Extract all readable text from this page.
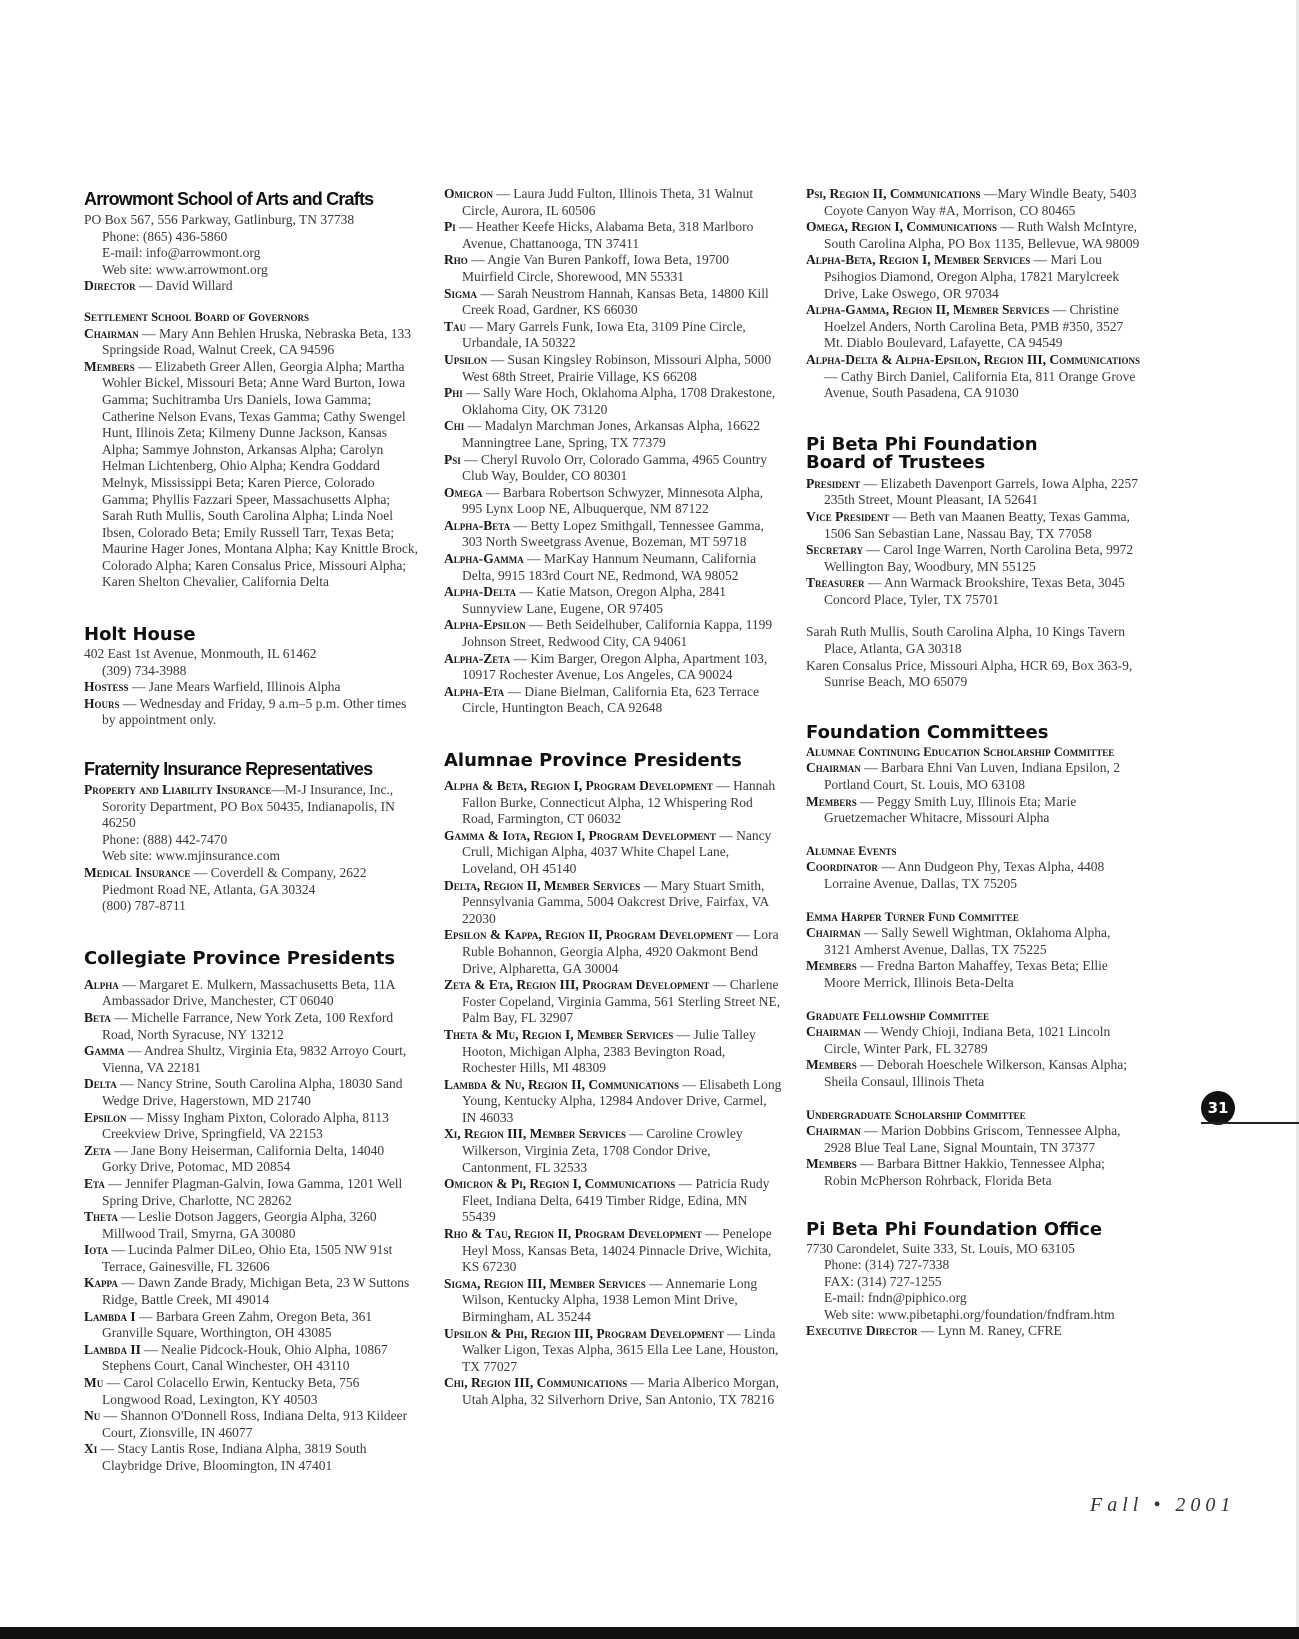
Arrowmont School of Arts and Crafts

PO Box 567, 556 Parkway, Gatlinburg, TN 37738

Phone: (865) 436-5860

E-mail: info@arrowmont.org

Web site: www.arrowmont.org

Director — David Willard

Settlement School Board of Governors

Chairman — Mary Ann Behlen Hruska, Nebraska Beta, 133 Springside Road, Walnut Creek, CA 94596

Members — Elizabeth Greer Allen, Georgia Alpha; Martha Wohler Bickel, Missouri Beta; Anne Ward Burton, Iowa Gamma; Suchitramba Urs Daniels, Iowa Gamma; Catherine Nelson Evans, Texas Gamma; Cathy Swengel Hunt, Illinois Zeta; Kilmeny Dunne Jackson, Kansas Alpha; Sammye Johnston, Arkansas Alpha; Carolyn Helman Lichtenberg, Ohio Alpha; Kendra Goddard Melnyk, Mississippi Beta; Karen Pierce, Colorado Gamma; Phyllis Fazzari Speer, Massachusetts Alpha; Sarah Ruth Mullis, South Carolina Alpha; Linda Noel Ibsen, Colorado Beta; Emily Russell Tarr, Texas Beta; Maurine Hager Jones, Montana Alpha; Kay Knittle Brock, Colorado Alpha; Karen Consalus Price, Missouri Alpha; Karen Shelton Chevalier, California Delta

Holt House

402 East 1st Avenue, Monmouth, IL 61462

(309) 734-3988

Hostess — Jane Mears Warfield, Illinois Alpha

Hours — Wednesday and Friday, 9 a.m–5 p.m. Other times by appointment only.

Fraternity Insurance Representatives

Property and Liability Insurance—M-J Insurance, Inc., Sorority Department, PO Box 50435, Indianapolis, IN 46250

Phone: (888) 442-7470

Web site: www.mjinsurance.com

Medical Insurance — Coverdell & Company, 2622 Piedmont Road NE, Atlanta, GA 30324

(800) 787-8711

Collegiate Province Presidents

Alpha — Margaret E. Mulkern, Massachusetts Beta, 11A Ambassador Drive, Manchester, CT 06040

Beta — Michelle Farrance, New York Zeta, 100 Rexford Road, North Syracuse, NY 13212

Gamma — Andrea Shultz, Virginia Eta, 9832 Arroyo Court, Vienna, VA 22181

Delta — Nancy Strine, South Carolina Alpha, 18030 Sand Wedge Drive, Hagerstown, MD 21740

Epsilon — Missy Ingham Pixton, Colorado Alpha, 8113 Creekview Drive, Springfield, VA 22153

Zeta — Jane Bony Heiserman, California Delta, 14040 Gorky Drive, Potomac, MD 20854

Eta — Jennifer Plagman-Galvin, Iowa Gamma, 1201 Well Spring Drive, Charlotte, NC 28262

Theta — Leslie Dotson Jaggers, Georgia Alpha, 3260 Millwood Trail, Smyrna, GA 30080

Iota — Lucinda Palmer DiLeo, Ohio Eta, 1505 NW 91st Terrace, Gainesville, FL 32606

Kappa — Dawn Zande Brady, Michigan Beta, 23 W Suttons Ridge, Battle Creek, MI 49014

Lambda I — Barbara Green Zahm, Oregon Beta, 361 Granville Square, Worthington, OH 43085

Lambda II — Nealie Pidcock-Houk, Ohio Alpha, 10867 Stephens Court, Canal Winchester, OH 43110

Mu — Carol Colacello Erwin, Kentucky Beta, 756 Longwood Road, Lexington, KY 40503

Nu — Shannon O'Donnell Ross, Indiana Delta, 913 Kildeer Court, Zionsville, IN 46077

Xi — Stacy Lantis Rose, Indiana Alpha, 3819 South Claybridge Drive, Bloomington, IN 47401

Omicron — Laura Judd Fulton, Illinois Theta, 31 Walnut Circle, Aurora, IL 60506

Pi — Heather Keefe Hicks, Alabama Beta, 318 Marlboro Avenue, Chattanooga, TN 37411

Rho — Angie Van Buren Pankoff, Iowa Beta, 19700 Muirfield Circle, Shorewood, MN 55331

Sigma — Sarah Neustrom Hannah, Kansas Beta, 14800 Kill Creek Road, Gardner, KS 66030

Tau — Mary Garrels Funk, Iowa Eta, 3109 Pine Circle, Urbandale, IA 50322

Upsilon — Susan Kingsley Robinson, Missouri Alpha, 5000 West 68th Street, Prairie Village, KS 66208

Phi — Sally Ware Hoch, Oklahoma Alpha, 1708 Drakestone, Oklahoma City, OK 73120

Chi — Madalyn Marchman Jones, Arkansas Alpha, 16622 Manningtree Lane, Spring, TX 77379

Psi — Cheryl Ruvolo Orr, Colorado Gamma, 4965 Country Club Way, Boulder, CO 80301

Omega — Barbara Robertson Schwyzer, Minnesota Alpha, 995 Lynx Loop NE, Albuquerque, NM 87122

Alpha-Beta — Betty Lopez Smithgall, Tennessee Gamma, 303 North Sweetgrass Avenue, Bozeman, MT 59718

Alpha-Gamma — MarKay Hannum Neumann, California Delta, 9915 183rd Court NE, Redmond, WA 98052

Alpha-Delta — Katie Matson, Oregon Alpha, 2841 Sunnyview Lane, Eugene, OR 97405

Alpha-Epsilon — Beth Seidelhuber, California Kappa, 1199 Johnson Street, Redwood City, CA 94061

Alpha-Zeta — Kim Barger, Oregon Alpha, Apartment 103, 10917 Rochester Avenue, Los Angeles, CA 90024

Alpha-Eta — Diane Bielman, California Eta, 623 Terrace Circle, Huntington Beach, CA 92648

Alumnae Province Presidents

Alpha & Beta, Region I, Program Development — Hannah Fallon Burke, Connecticut Alpha, 12 Whispering Rod Road, Farmington, CT 06032

Gamma & Iota, Region I, Program Development — Nancy Crull, Michigan Alpha, 4037 White Chapel Lane, Loveland, OH 45140

Delta, Region II, Member Services — Mary Stuart Smith, Pennsylvania Gamma, 5004 Oakcrest Drive, Fairfax, VA 22030

Epsilon & Kappa, Region II, Program Development — Lora Ruble Bohannon, Georgia Alpha, 4920 Oakmont Bend Drive, Alpharetta, GA 30004

Zeta & Eta, Region III, Program Development — Charlene Foster Copeland, Virginia Gamma, 561 Sterling Street NE, Palm Bay, FL 32907

Theta & Mu, Region I, Member Services — Julie Talley Hooton, Michigan Alpha, 2383 Bevington Road, Rochester Hills, MI 48309

Lambda & Nu, Region II, Communications — Elisabeth Long Young, Kentucky Alpha, 12984 Andover Drive, Carmel, IN 46033

Xi, Region III, Member Services — Caroline Crowley Wilkerson, Virginia Zeta, 1708 Condor Drive, Cantonment, FL 32533

Omicron & Pi, Region I, Communications — Patricia Rudy Fleet, Indiana Delta, 6419 Timber Ridge, Edina, MN 55439

Rho & Tau, Region II, Program Development — Penelope Heyl Moss, Kansas Beta, 14024 Pinnacle Drive, Wichita, KS 67230

Sigma, Region III, Member Services — Annemarie Long Wilson, Kentucky Alpha, 1938 Lemon Mint Drive, Birmingham, AL 35244

Upsilon & Phi, Region III, Program Development — Linda Walker Ligon, Texas Alpha, 3615 Ella Lee Lane, Houston, TX 77027

Chi, Region III, Communications — Maria Alberico Morgan, Utah Alpha, 32 Silverhorn Drive, San Antonio, TX 78216

Psi, Region II, Communications —Mary Windle Beaty, 5403 Coyote Canyon Way #A, Morrison, CO 80465

Omega, Region I, Communications — Ruth Walsh McIntyre, South Carolina Alpha, PO Box 1135, Bellevue, WA 98009

Alpha-Beta, Region I, Member Services — Mari Lou Psihogios Diamond, Oregon Alpha, 17821 Marylcreek Drive, Lake Oswego, OR 97034

Alpha-Gamma, Region II, Member Services — Christine Hoelzel Anders, North Carolina Beta, PMB #350, 3527 Mt. Diablo Boulevard, Lafayette, CA 94549

Alpha-Delta & Alpha-Epsilon, Region III, Communications — Cathy Birch Daniel, California Eta, 811 Orange Grove Avenue, South Pasadena, CA 91030

Pi Beta Phi Foundation
Board of Trustees

President — Elizabeth Davenport Garrels, Iowa Alpha, 2257 235th Street, Mount Pleasant, IA 52641

Vice President — Beth van Maanen Beatty, Texas Gamma, 1506 San Sebastian Lane, Nassau Bay, TX 77058

Secretary — Carol Inge Warren, North Carolina Beta, 9972 Wellington Bay, Woodbury, MN 55125

Treasurer — Ann Warmack Brookshire, Texas Beta, 3045 Concord Place, Tyler, TX 75701

Sarah Ruth Mullis, South Carolina Alpha, 10 Kings Tavern Place, Atlanta, GA 30318

Karen Consalus Price, Missouri Alpha, HCR 69, Box 363-9, Sunrise Beach, MO 65079

Foundation Committees
Alumnae Continuing Education Scholarship Committee

Chairman — Barbara Ehni Van Luven, Indiana Epsilon, 2 Portland Court, St. Louis, MO 63108

Members — Peggy Smith Luy, Illinois Eta; Marie Gruetzemacher Whitacre, Missouri Alpha

Alumnae Events

Coordinator — Ann Dudgeon Phy, Texas Alpha, 4408 Lorraine Avenue, Dallas, TX 75205

Emma Harper Turner Fund Committee

Chairman — Sally Sewell Wightman, Oklahoma Alpha, 3121 Amherst Avenue, Dallas, TX 75225

Members — Fredna Barton Mahaffey, Texas Beta; Ellie Moore Merrick, Illinois Beta-Delta

Graduate Fellowship Committee

Chairman — Wendy Chioji, Indiana Beta, 1021 Lincoln Circle, Winter Park, FL 32789

Members — Deborah Hoeschele Wilkerson, Kansas Alpha; Sheila Consaul, Illinois Theta

Undergraduate Scholarship Committee

Chairman — Marion Dobbins Griscom, Tennessee Alpha, 2928 Blue Teal Lane, Signal Mountain, TN 37377

Members — Barbara Bittner Hakkio, Tennessee Alpha; Robin McPherson Rohrback, Florida Beta

Pi Beta Phi Foundation Office

7730 Carondelet, Suite 333, St. Louis, MO 63105

Phone: (314) 727-7338

FAX: (314) 727-1255

E-mail: fndn@piphico.org

Web site: www.pibetaphi.org/foundation/fndfram.htm

Executive Director — Lynn M. Raney, CFRE

31
Fall • 2001
